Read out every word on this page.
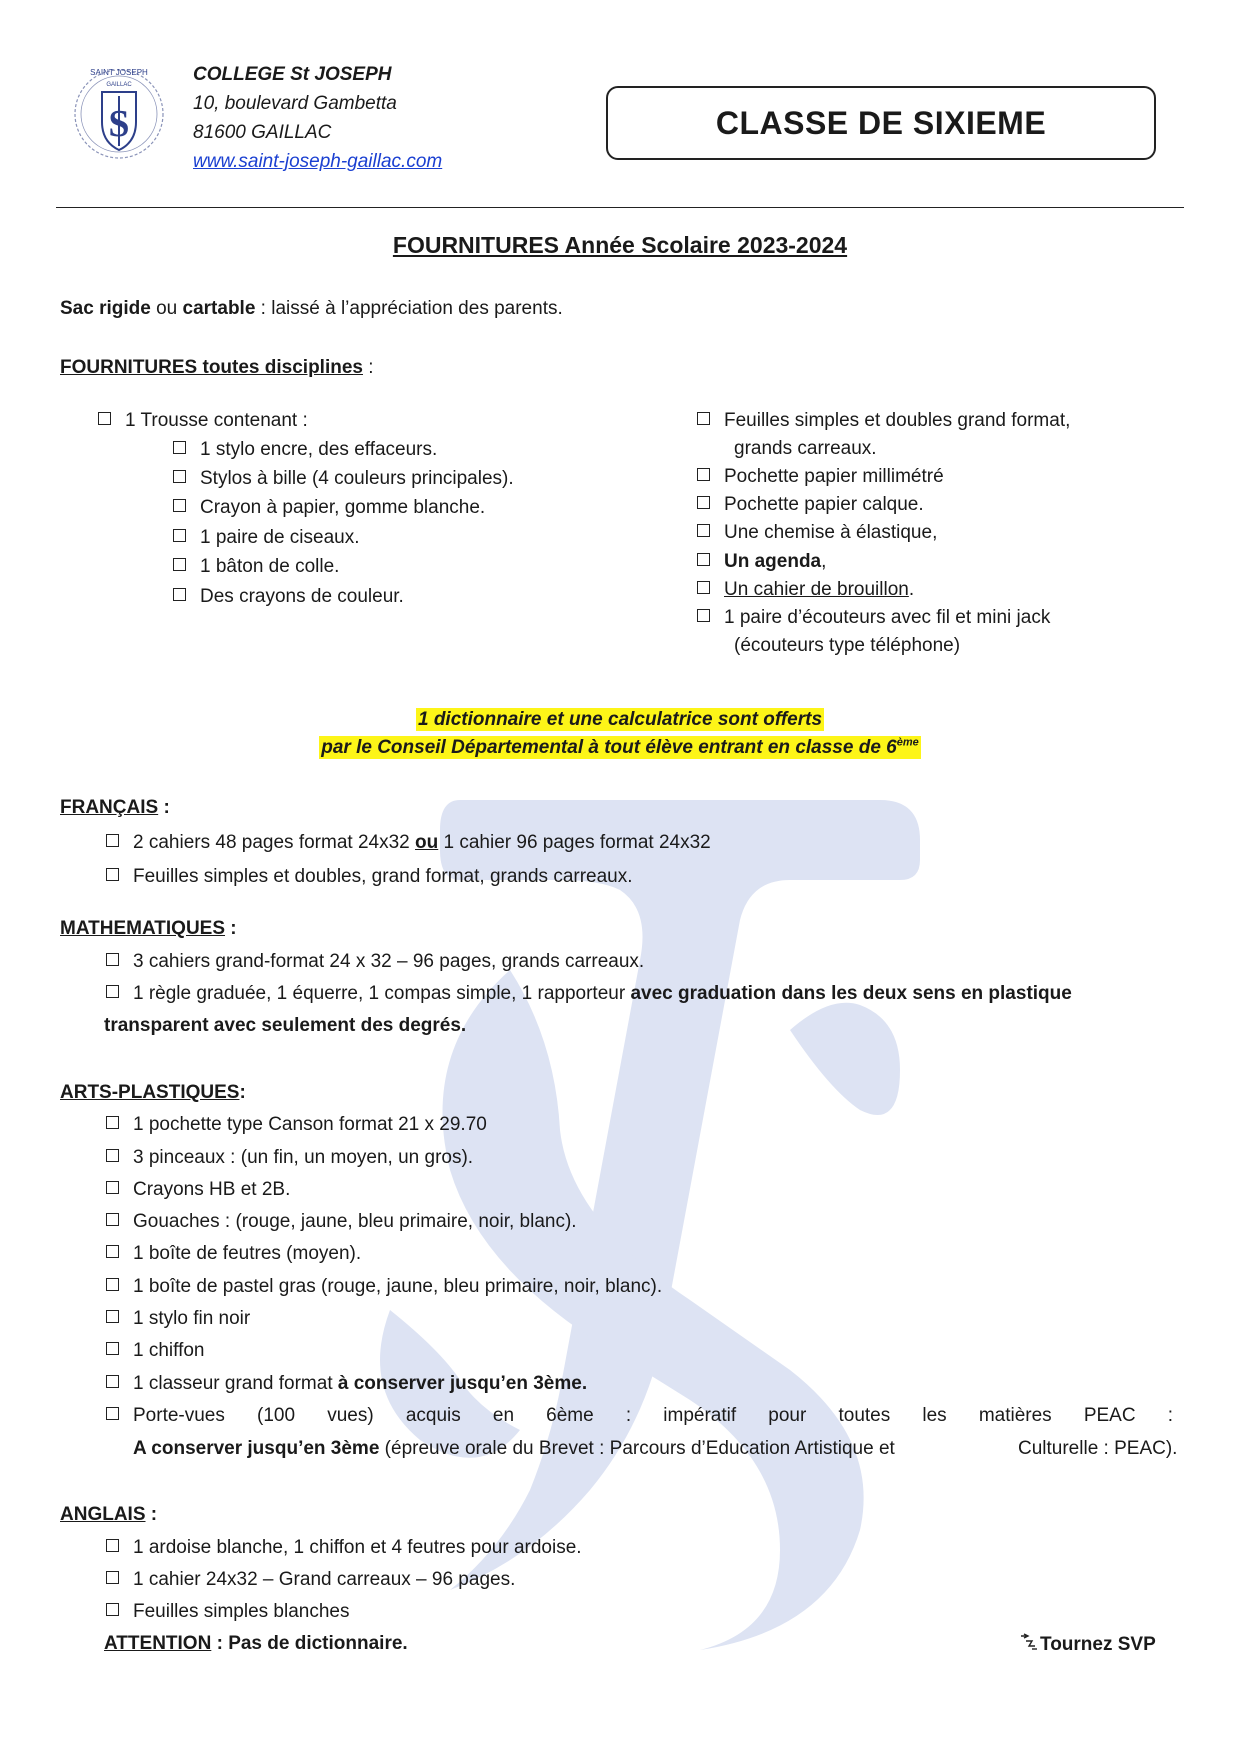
S
SAINT JOSEPH
GAILLAC	COLLEGE St JOSEPH
10, boulevard Gambetta
81600 GAILLAC
www.saint-joseph-gaillac.com
CLASSE DE SIXIEME
FOURNITURES Année Scolaire 2023-2024
Sac rigide ou cartable : laissé à l’appréciation des parents.
FOURNITURES toutes disciplines :
1 Trousse contenant :
1 stylo encre, des effaceurs.
Stylos à bille (4 couleurs principales).
Crayon à papier, gomme blanche.
1 paire de ciseaux.
1 bâton de colle.
Des crayons de couleur.
Feuilles simples et doubles grand format,
grands carreaux.
Pochette papier millimétré
Pochette papier calque.
Une chemise à élastique,
Un agenda,
Un cahier de brouillon.
1 paire d’écouteurs avec fil et mini jack
(écouteurs type téléphone)
1 dictionnaire et une calculatrice sont offerts
par le Conseil Départemental à tout élève entrant en classe de 6ème
FRANÇAIS :
2 cahiers 48 pages format 24x32 ou 1 cahier 96 pages format 24x32
Feuilles simples et doubles, grand format, grands carreaux.
MATHEMATIQUES :
3 cahiers grand-format 24 x 32 – 96 pages, grands carreaux.
1 règle graduée, 1 équerre, 1 compas simple, 1 rapporteur avec graduation dans les deux sens en plastique
transparent avec seulement des degrés.
ARTS-PLASTIQUES:
1 pochette type Canson format 21 x 29.70
3 pinceaux : (un fin, un moyen, un gros).
Crayons HB et 2B.
Gouaches : (rouge, jaune, bleu primaire, noir, blanc).
1 boîte de feutres (moyen).
1 boîte de pastel gras (rouge, jaune, bleu primaire, noir, blanc).
1 stylo fin noir
1 chiffon
1 classeur grand format à conserver jusqu’en 3ème.
Porte-vues (100 vues) acquis en 6ème : impératif pour toutes les matières PEAC :
A conserver jusqu’en 3ème (épreuve orale du Brevet : Parcours d’Education Artistique et	Culturelle : PEAC).
ANGLAIS :
1 ardoise blanche, 1 chiffon et 4 feutres pour ardoise.
1 cahier 24x32 – Grand carreaux – 96 pages.
Feuilles simples blanches
ATTENTION : Pas de dictionnaire.	Tournez SVP
